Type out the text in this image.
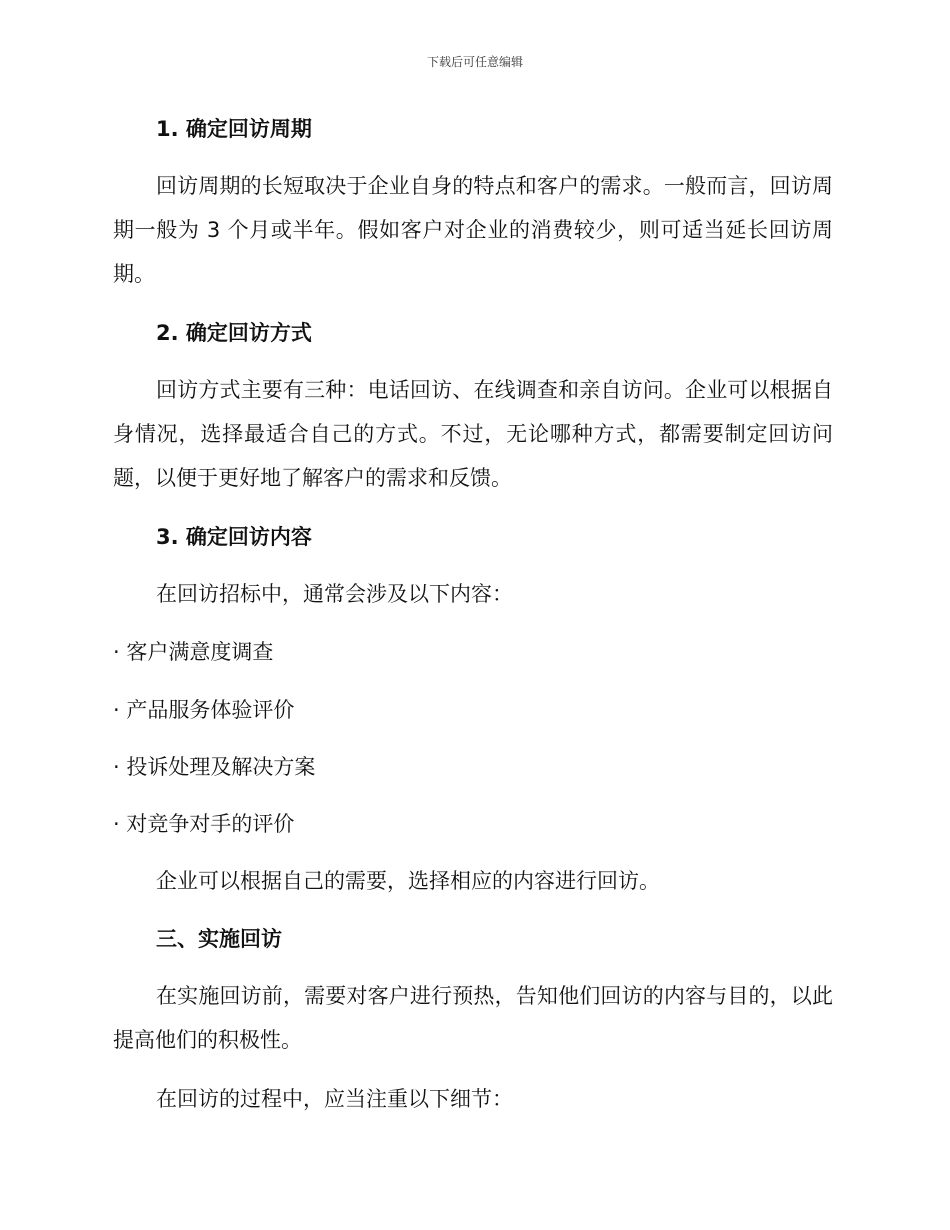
下载后可任意编辑

1. 确定回访周期

回访周期的长短取决于企业自身的特点和客户的需求。一般而言，回访周期一般为 3 个月或半年。假如客户对企业的消费较少，则可适当延长回访周期。

2. 确定回访方式

回访方式主要有三种：电话回访、在线调查和亲自访问。企业可以根据自身情况，选择最适合自己的方式。不过，无论哪种方式，都需要制定回访问题，以便于更好地了解客户的需求和反馈。

3. 确定回访内容

在回访招标中，通常会涉及以下内容：

· 客户满意度调查

· 产品服务体验评价

· 投诉处理及解决方案

· 对竞争对手的评价

企业可以根据自己的需要，选择相应的内容进行回访。

三、实施回访

在实施回访前，需要对客户进行预热，告知他们回访的内容与目的，以此提高他们的积极性。

在回访的过程中，应当注重以下细节：
